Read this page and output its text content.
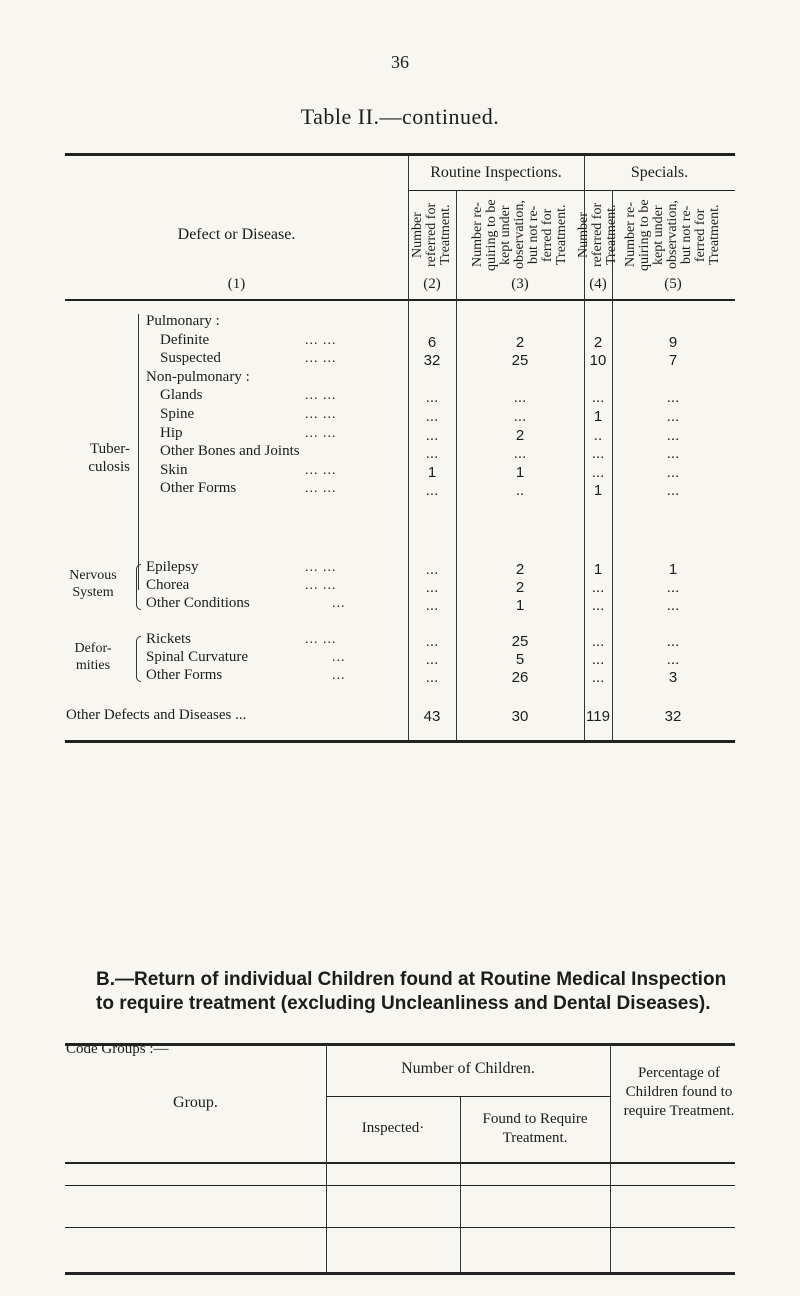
36
Table II.—continued.
Routine Inspections.	Specials.
Defect or Disease.
(1)
Number
referred for
Treatment.
(2)
Number re-
quiring to be
kept under
observation,
but not re-
ferred for
Treatment.
(3)
Number
referred for
Treatment.
(4)
Number re-
quiring to be
kept under
observation,
but not re-
ferred for
Treatment.
(5)
Tuber-
culosis
Pulmonary :
Definite	... ...	6	2	2	9
Suspected	... ...	32	25	10	7
Non-pulmonary :
Glands	... ...	...	...	...	...
Spine	... ...	...	...	1	...
Hip	... ...	...	2	..	...
Other Bones and Joints	...	...	...	...
Skin	... ...	1	1	...	...
Other Forms	... ...	...	..	1	...
Nervous
System
Epilepsy	... ...	...	2	1	1
Chorea	... ...	...	2	...	...
Other Conditions	...	...	1	...	...
Defor-
mities
Rickets	... ...	...	25	...	...
Spinal Curvature	...	...	5	...	...
Other Forms	...	...	26	...	3
Other Defects and Diseases ...	43	30	119	32
B.—Return of individual Children found at Routine Medical Inspection to require treatment (excluding Uncleanliness and Dental Diseases).
Group.
Number of Children.
Inspected·
Found to Require Treatment.
Percentage of Children found to require Treatment.
Code Groups :—
